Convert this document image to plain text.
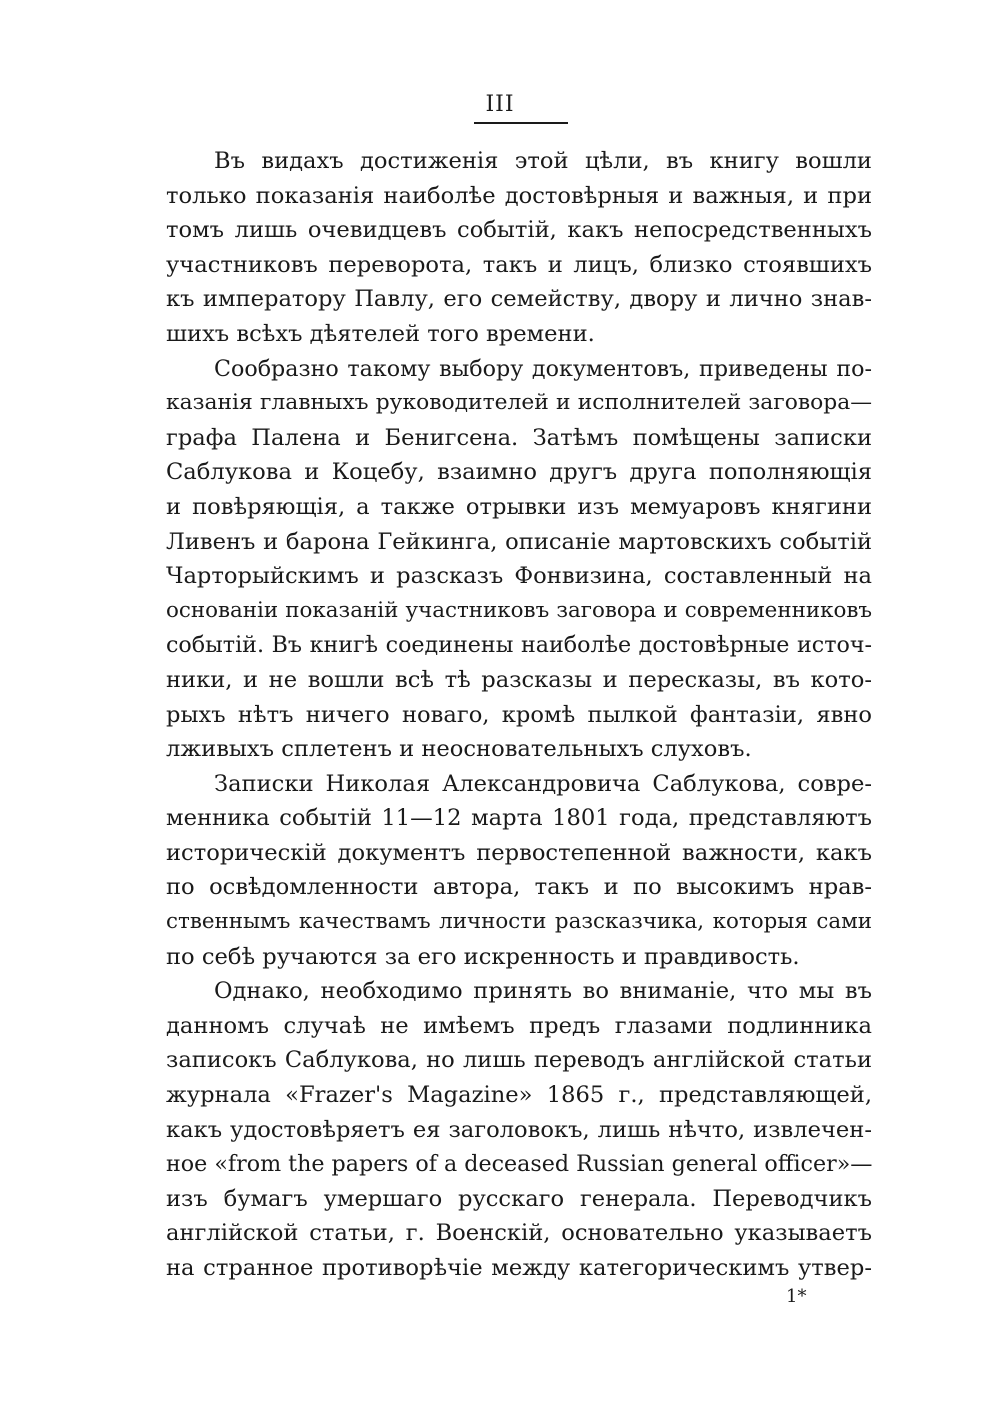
III
Въ видахъ достиженія этой цѣли, въ книгу вошли
только показанія наиболѣе достовѣрныя и важныя, и при
томъ лишь очевидцевъ событій, какъ непосредственныхъ
участниковъ переворота, такъ и лицъ, близко стоявшихъ
къ императору Павлу, его семейству, двору и лично знав-
шихъ всѣхъ дѣятелей того времени.
Сообразно такому выбору документовъ, приведены по-
казанія главныхъ руководителей и исполнителей заговора—
графа Палена и Бенигсена. Затѣмъ помѣщены записки
Саблукова и Коцебу, взаимно другъ друга пополняющія
и повѣряющія, а также отрывки изъ мемуаровъ княгини
Ливенъ и барона Гейкинга, описаніе мартовскихъ событій
Чарторыйскимъ и разсказъ Фонвизина, составленный на
основаніи показаній участниковъ заговора и современниковъ
событій. Въ книгѣ соединены наиболѣе достовѣрные источ-
ники, и не вошли всѣ тѣ разсказы и пересказы, въ кото-
рыхъ нѣтъ ничего новаго, кромѣ пылкой фантазіи, явно
лживыхъ сплетенъ и неосновательныхъ слуховъ.
Записки Николая Александровича Саблукова, совре-
менника событій 11—12 марта 1801 года, представляютъ
историческій документъ первостепенной важности, какъ
по освѣдомленности автора, такъ и по высокимъ нрав-
ственнымъ качествамъ личности разсказчика, которыя сами
по себѣ ручаются за его искренность и правдивость.
Однако, необходимо принять во вниманіе, что мы въ
данномъ случаѣ не имѣемъ предъ глазами подлинника
записокъ Саблукова, но лишь переводъ англійской статьи
журнала «Frazer's Magazine» 1865 г., представляющей,
какъ удостовѣряетъ ея заголовокъ, лишь нѣчто, извлечен-
ное «from the papers of a deceased Russian general officer»—
изъ бумагъ умершаго русскаго генерала. Переводчикъ
англійской статьи, г. Военскій, основательно указываетъ
на странное противорѣчіе между категорическимъ утвер-
1*
